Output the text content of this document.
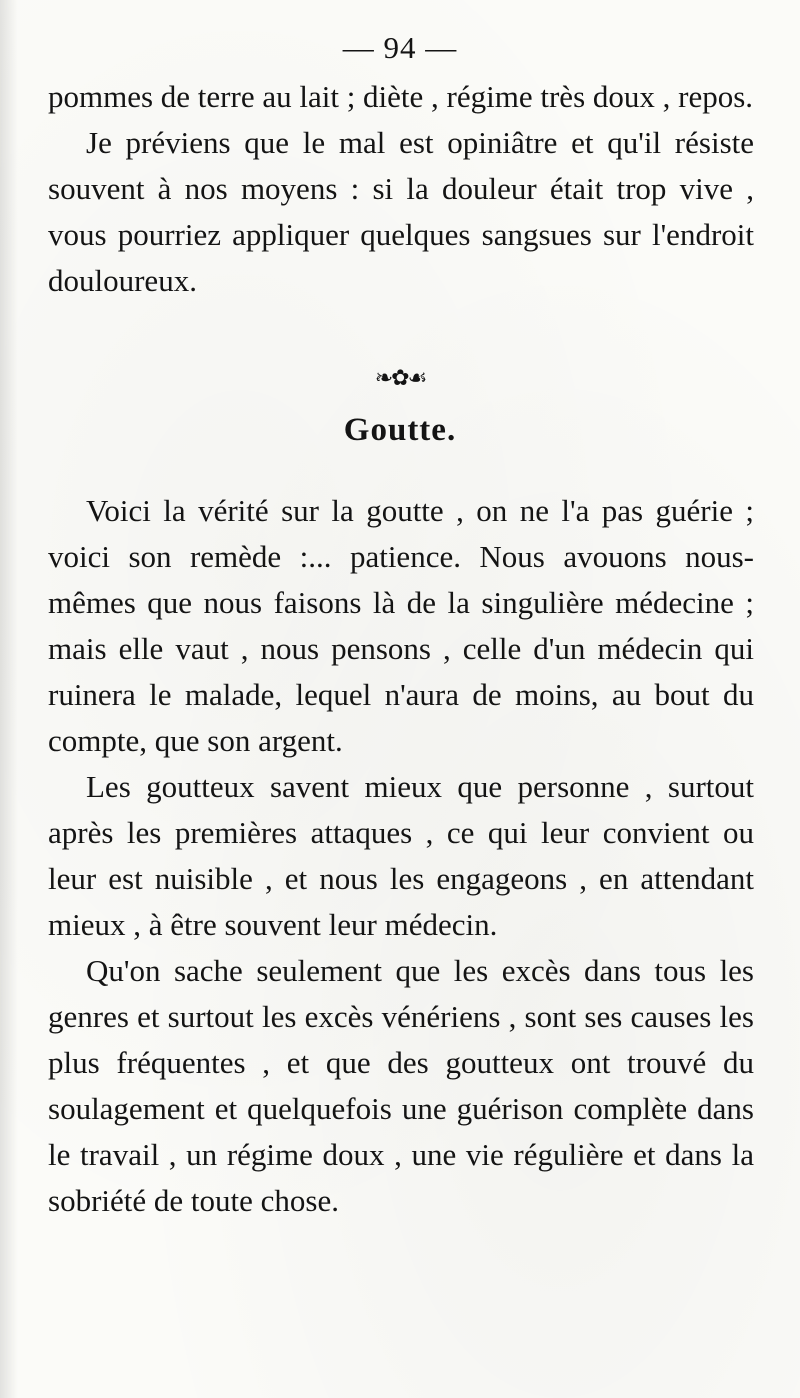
— 94 —

pommes de terre au lait ; diète , régime très doux , repos.

Je préviens que le mal est opiniâtre et qu'il résiste souvent à nos moyens : si la douleur était trop vive , vous pourriez appliquer quelques sangsues sur l'endroit douloureux.

❧✿☙
Goutte.

Voici la vérité sur la goutte , on ne l'a pas guérie ; voici son remède :... patience. Nous avouons nous-mêmes que nous faisons là de la singulière médecine ; mais elle vaut , nous pensons , celle d'un médecin qui ruinera le malade, lequel n'aura de moins, au bout du compte, que son argent.

Les goutteux savent mieux que personne , surtout après les premières attaques , ce qui leur convient ou leur est nuisible , et nous les engageons , en attendant mieux , à être souvent leur médecin.

Qu'on sache seulement que les excès dans tous les genres et surtout les excès vénériens , sont ses causes les plus fréquentes , et que des goutteux ont trouvé du soulagement et quelquefois une guérison complète dans le travail , un régime doux , une vie régulière et dans la sobriété de toute chose.
